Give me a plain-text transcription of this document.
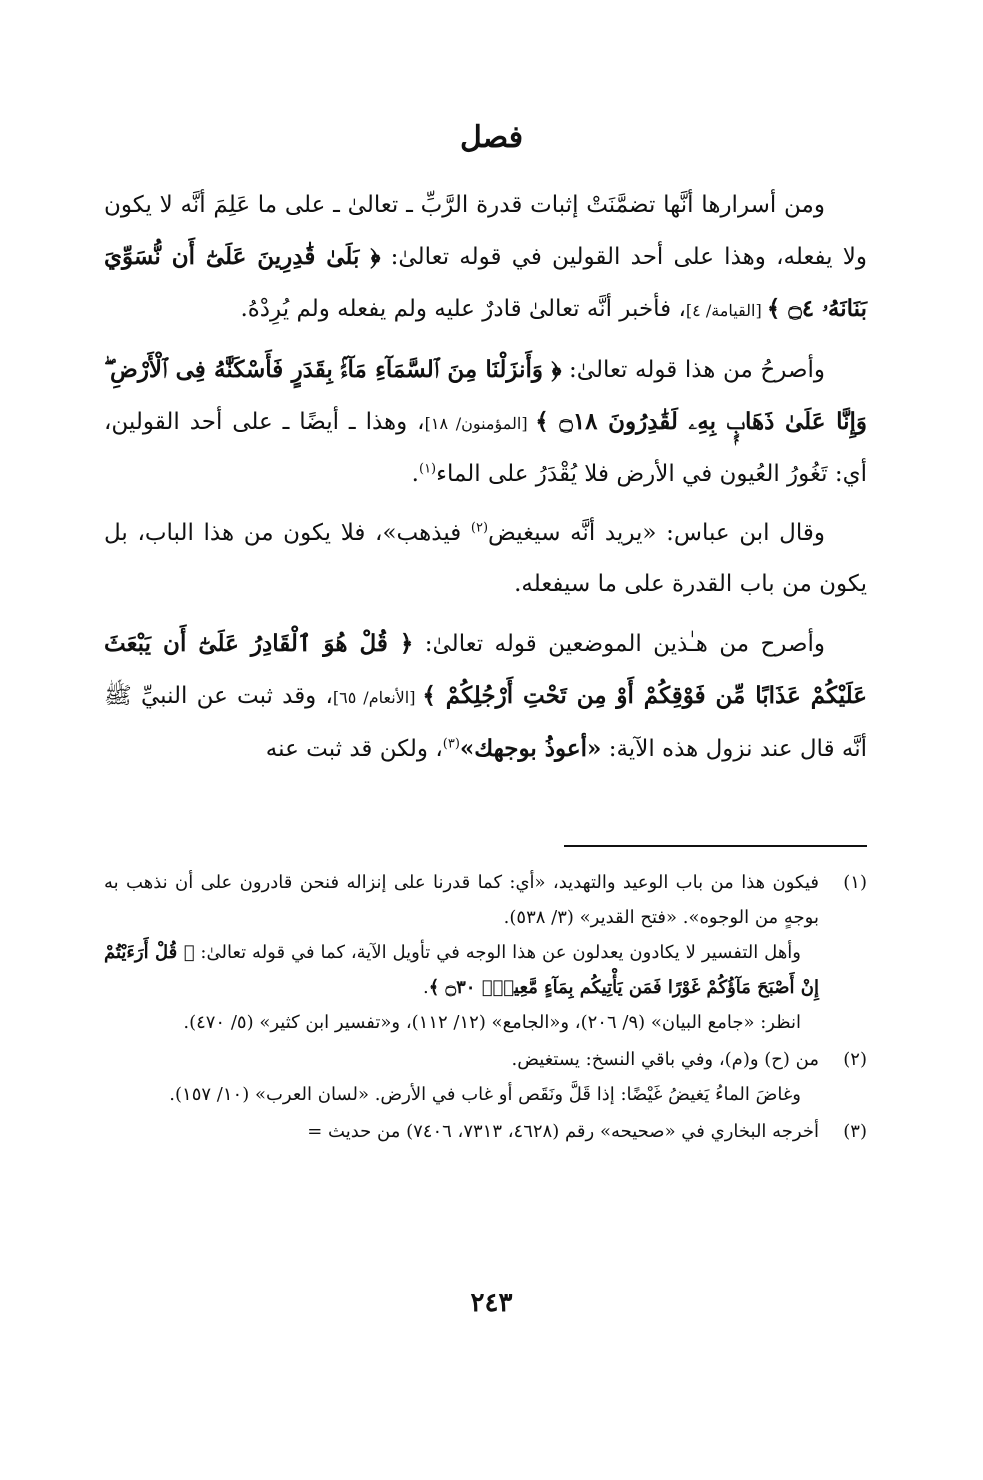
فصل

ومن أسرارها أنَّها تضمَّنَتْ إثبات قدرة الرَّبِّ ـ تعالىٰ ـ على ما عَلِمَ أنَّه لا يكون ولا يفعله، وهذا على أحد القولين في قوله تعالىٰ: ﴿ بَلَىٰ قَٰدِرِينَ عَلَىٰٓ أَن نُّسَوِّيَ بَنَانَهُۥ ۝٤ ﴾ [القيامة/ ٤]، فأخبر أنَّه تعالىٰ قادرٌ عليه ولم يفعله ولم يُرِدْهُ.

وأصرحُ من هذا قوله تعالىٰ: ﴿ وَأَنزَلْنَا مِنَ ٱلسَّمَآءِ مَآءًۢ بِقَدَرٍ فَأَسْكَنَّٰهُ فِى ٱلْأَرْضِ ۖ وَإِنَّا عَلَىٰ ذَهَابٍۭ بِهِۦ لَقَٰدِرُونَ ۝١٨ ﴾ [المؤمنون/ ١٨]، وهذا ـ أيضًا ـ على أحد القولين، أي: تَغُورُ العُيون في الأرض فلا يُقْدَرُ على الماء$^{(١)}$.

وقال ابن عباس: «يريد أنَّه سيغيض$^{(٢)}$ فيذهب»، فلا يكون من هذا الباب، بل يكون من باب القدرة على ما سيفعله.

وأصرح من هـٰذين الموضعين قوله تعالىٰ: ﴿ قُلْ هُوَ ٱلْقَادِرُ عَلَىٰٓ أَن يَبْعَثَ عَلَيْكُمْ عَذَابًا مِّن فَوْقِكُمْ أَوْ مِن تَحْتِ أَرْجُلِكُمْ ﴾ [الأنعام/ ٦٥]، وقد ثبت عن النبيِّ ﷺ أنَّه قال عند نزول هذه الآية: «أعوذُ بوجهك»$^{(٣)}$، ولكن قد ثبت عنه

(١)
فيكون هذا من باب الوعيد والتهديد، «أي: كما قدرنا على إنزاله فنحن قادرون على أن نذهب به بوجهٍ من الوجوه». «فتح القدير» (٣/ ٥٣٨).
وأهل التفسير لا يكادون يعدلون عن هذا الوجه في تأويل الآية، كما في قوله تعالىٰ: ﴿ قُلْ أَرَءَيْتُمْ إِنْ أَصْبَحَ مَآؤُكُمْ غَوْرًا فَمَن يَأْتِيكُم بِمَآءٍ مَّعِينٍۭ ۝٣٠ ﴾.
انظر: «جامع البيان» (٩/ ٢٠٦)، و«الجامع» (١٢/ ١١٢)، و«تفسير ابن كثير» (٥/ ٤٧٠).
(٢)
من (ح) و(م)، وفي باقي النسخ: يستغيض.
وغاضَ الماءُ يَغيضُ غَيْضًا: إذا قَلَّ ونَقَص أو غاب في الأرض. «لسان العرب» (١٠/ ١٥٧).
(٣)
أخرجه البخاري في «صحيحه» رقم (٤٦٢٨، ٧٣١٣، ٧٤٠٦) من حديث =
٢٤٣
